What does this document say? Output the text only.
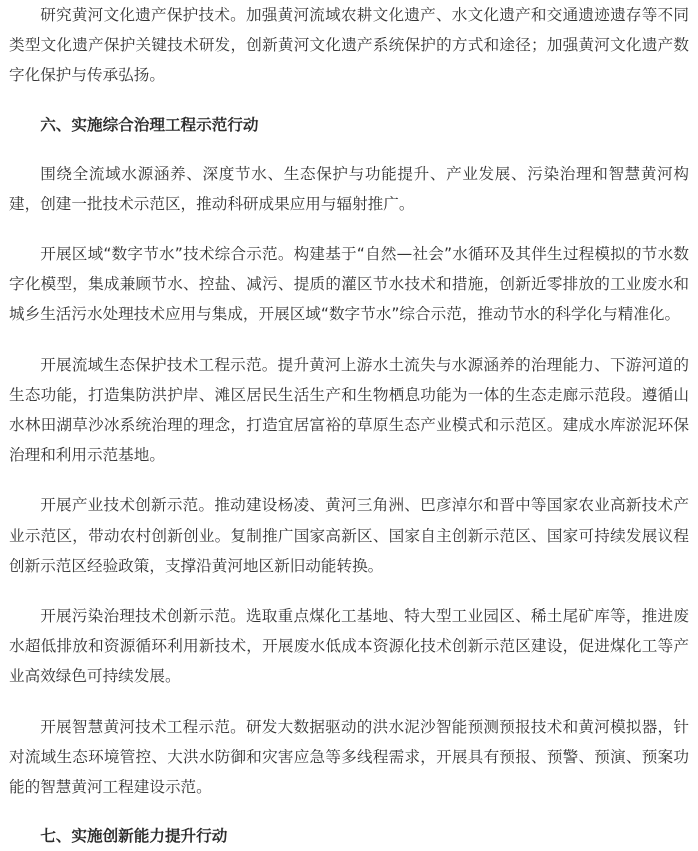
研究黄河文化遗产保护技术。加强黄河流域农耕文化遗产、水文化遗产和交通遗迹遗存等不同类型文化遗产保护关键技术研发，创新黄河文化遗产系统保护的方式和途径；加强黄河文化遗产数字化保护与传承弘扬。

六、实施综合治理工程示范行动

围绕全流域水源涵养、深度节水、生态保护与功能提升、产业发展、污染治理和智慧黄河构建，创建一批技术示范区，推动科研成果应用与辐射推广。

开展区域“数字节水”技术综合示范。构建基于“自然—社会”水循环及其伴生过程模拟的节水数字化模型，集成兼顾节水、控盐、减污、提质的灌区节水技术和措施，创新近零排放的工业废水和城乡生活污水处理技术应用与集成，开展区域“数字节水”综合示范，推动节水的科学化与精准化。

开展流域生态保护技术工程示范。提升黄河上游水土流失与水源涵养的治理能力、下游河道的生态功能，打造集防洪护岸、滩区居民生活生产和生物栖息功能为一体的生态走廊示范段。遵循山水林田湖草沙冰系统治理的理念，打造宜居富裕的草原生态产业模式和示范区。建成水库淤泥环保治理和利用示范基地。

开展产业技术创新示范。推动建设杨凌、黄河三角洲、巴彦淖尔和晋中等国家农业高新技术产业示范区，带动农村创新创业。复制推广国家高新区、国家自主创新示范区、国家可持续发展议程创新示范区经验政策，支撑沿黄河地区新旧动能转换。

开展污染治理技术创新示范。选取重点煤化工基地、特大型工业园区、稀土尾矿库等，推进废水超低排放和资源循环利用新技术，开展废水低成本资源化技术创新示范区建设，促进煤化工等产业高效绿色可持续发展。

开展智慧黄河技术工程示范。研发大数据驱动的洪水泥沙智能预测预报技术和黄河模拟器，针对流域生态环境管控、大洪水防御和灾害应急等多线程需求，开展具有预报、预警、预演、预案功能的智慧黄河工程建设示范。

七、实施创新能力提升行动
